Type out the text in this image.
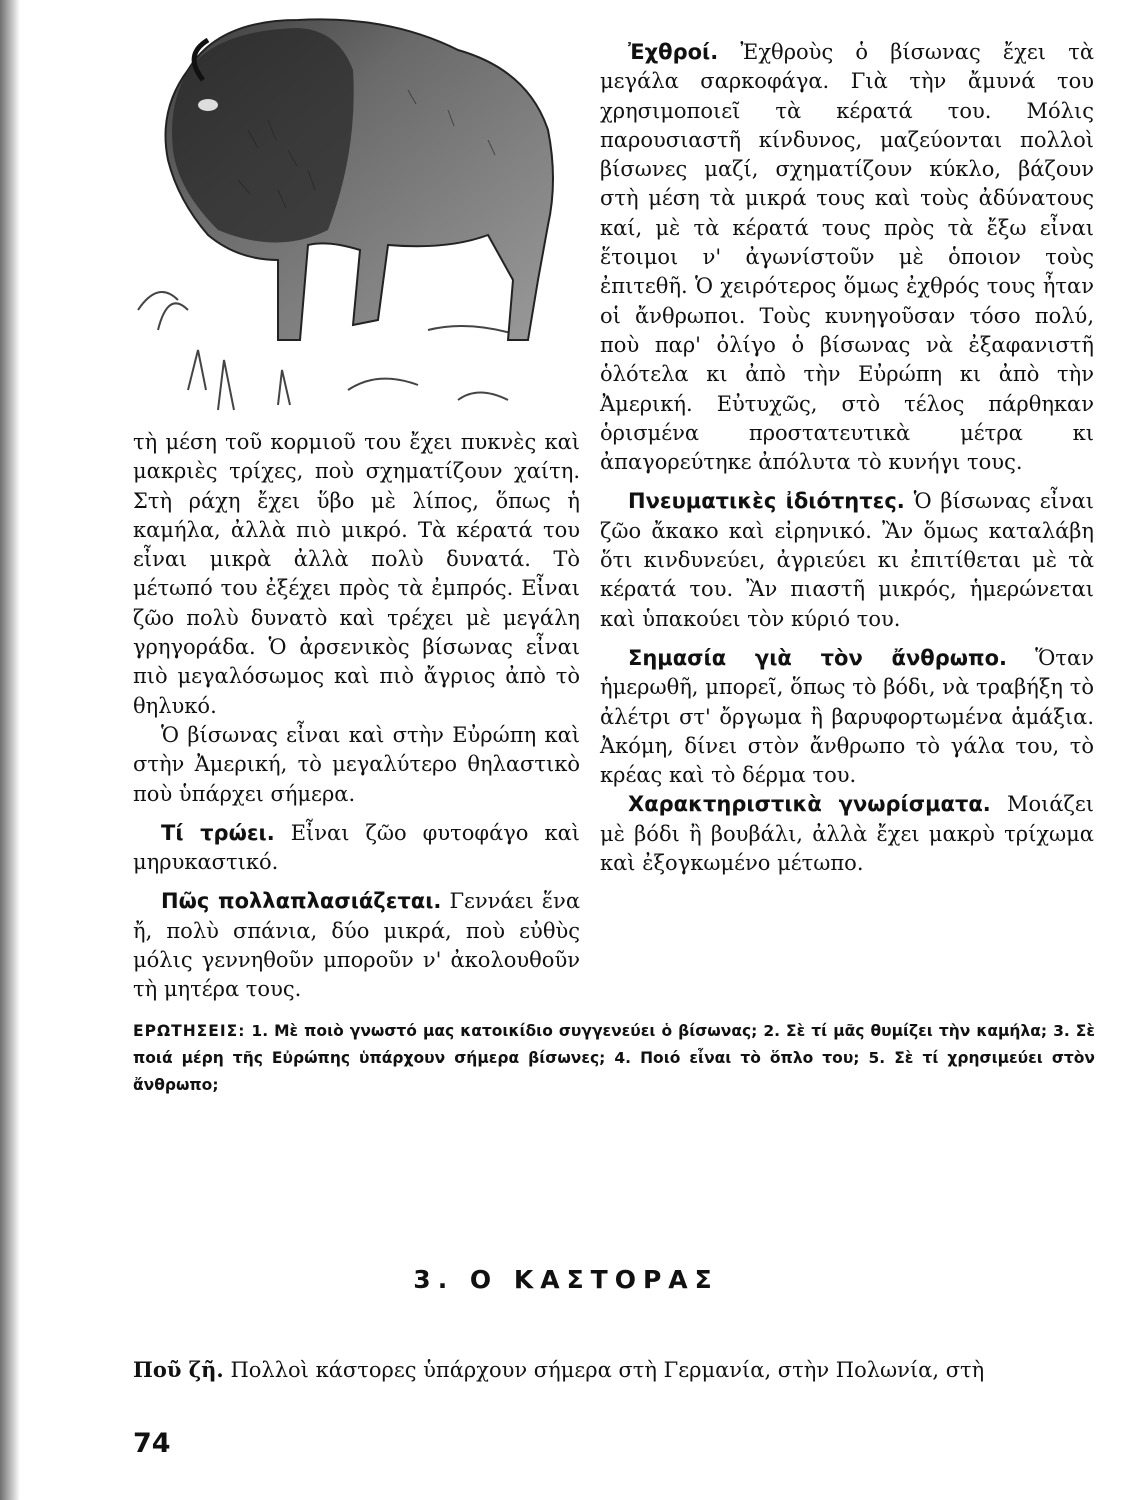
τὴ μέση τοῦ κορμιοῦ του ἔχει πυκνὲς καὶ μακριὲς τρίχες, ποὺ σχηματίζουν χαίτη. Στὴ ράχη ἔχει ὕβο μὲ λίπος, ὅπως ἡ καμήλα, ἀλλὰ πιὸ μικρό. Τὰ κέρατά του εἶναι μικρὰ ἀλλὰ πολὺ δυνατά. Τὸ μέτωπό του ἐξέχει πρὸς τὰ ἐμπρός. Εἶναι ζῶο πολὺ δυνατὸ καὶ τρέχει μὲ μεγάλη γρηγοράδα. Ὁ ἀρσενικὸς βίσωνας εἶναι πιὸ μεγαλόσωμος καὶ πιὸ ἄγριος ἀπὸ τὸ θηλυκό.

Ὁ βίσωνας εἶναι καὶ στὴν Εὐρώπη καὶ στὴν Ἀμερική, τὸ μεγαλύτερο θηλαστικὸ ποὺ ὑπάρχει σήμερα.

Τί τρώει. Εἶναι ζῶο φυτοφάγο καὶ μηρυκαστικό.

Πῶς πολλαπλασιάζεται. Γεννάει ἕνα ἤ, πολὺ σπάνια, δύο μικρά, ποὺ εὐθὺς μόλις γεννηθοῦν μποροῦν ν' ἀκολουθοῦν τὴ μητέρα τους.

Ἐχθροί. Ἐχθροὺς ὁ βίσωνας ἔχει τὰ μεγάλα σαρκοφάγα. Γιὰ τὴν ἄμυνά του χρησιμοποιεῖ τὰ κέρατά του. Μόλις παρουσιαστῆ κίνδυνος, μαζεύονται πολλοὶ βίσωνες μαζί, σχηματίζουν κύκλο, βάζουν στὴ μέση τὰ μικρά τους καὶ τοὺς ἀδύνατους καί, μὲ τὰ κέρατά τους πρὸς τὰ ἔξω εἶναι ἕτοιμοι ν' ἀγωνίστοῦν μὲ ὁποιον τοὺς ἐπιτεθῆ. Ὁ χειρότερος ὅμως ἐχθρός τους ἦταν οἱ ἄνθρωποι. Τοὺς κυνηγοῦσαν τόσο πολύ, ποὺ παρ' ὀλίγο ὁ βίσωνας νὰ ἐξαφανιστῆ ὁλότελα κι ἀπὸ τὴν Εὐρώπη κι ἀπὸ τὴν Ἀμερική. Εὐτυχῶς, στὸ τέλος πάρθηκαν ὁρισμένα προστατευτικὰ μέτρα κι ἀπαγορεύτηκε ἀπόλυτα τὸ κυνήγι τους.

Πνευματικὲς ἰδιότητες. Ὁ βίσωνας εἶναι ζῶο ἄκακο καὶ εἰρηνικό. Ἂν ὅμως καταλάβη ὅτι κινδυνεύει, ἀγριεύει κι ἐπιτίθεται μὲ τὰ κέρατά του. Ἂν πιαστῆ μικρός, ἡμερώνεται καὶ ὑπακούει τὸν κύριό του.

Σημασία γιὰ τὸν ἄνθρωπο. Ὅταν ἡμερωθῆ, μπορεῖ, ὅπως τὸ βόδι, νὰ τραβήξη τὸ ἀλέτρι στ' ὄργωμα ἢ βαρυφορτωμένα ἁμάξια. Ἀκόμη, δίνει στὸν ἄνθρωπο τὸ γάλα του, τὸ κρέας καὶ τὸ δέρμα του.

Χαρακτηριστικὰ γνωρίσματα. Μοιάζει μὲ βόδι ἢ βουβάλι, ἀλλὰ ἔχει μακρὺ τρίχωμα καὶ ἐξογκωμένο μέτωπο.

ΕΡΩΤΗΣΕΙΣ: 1. Μὲ ποιὸ γνωστό μας κατοικίδιο συγγενεύει ὁ βίσωνας; 2. Σὲ τί μᾶς θυμίζει τὴν καμήλα; 3. Σὲ ποιά μέρη τῆς Εὐρώπης ὑπάρχουν σήμερα βίσωνες; 4. Ποιό εἶναι τὸ ὅπλο του; 5. Σὲ τί χρησιμεύει στὸν ἄνθρωπο;
3. Ο ΚΑΣΤΟΡΑΣ
Ποῦ ζῆ. Πολλοὶ κάστορες ὑπάρχουν σήμερα στὴ Γερμανία, στὴν Πολωνία, στὴ
74
